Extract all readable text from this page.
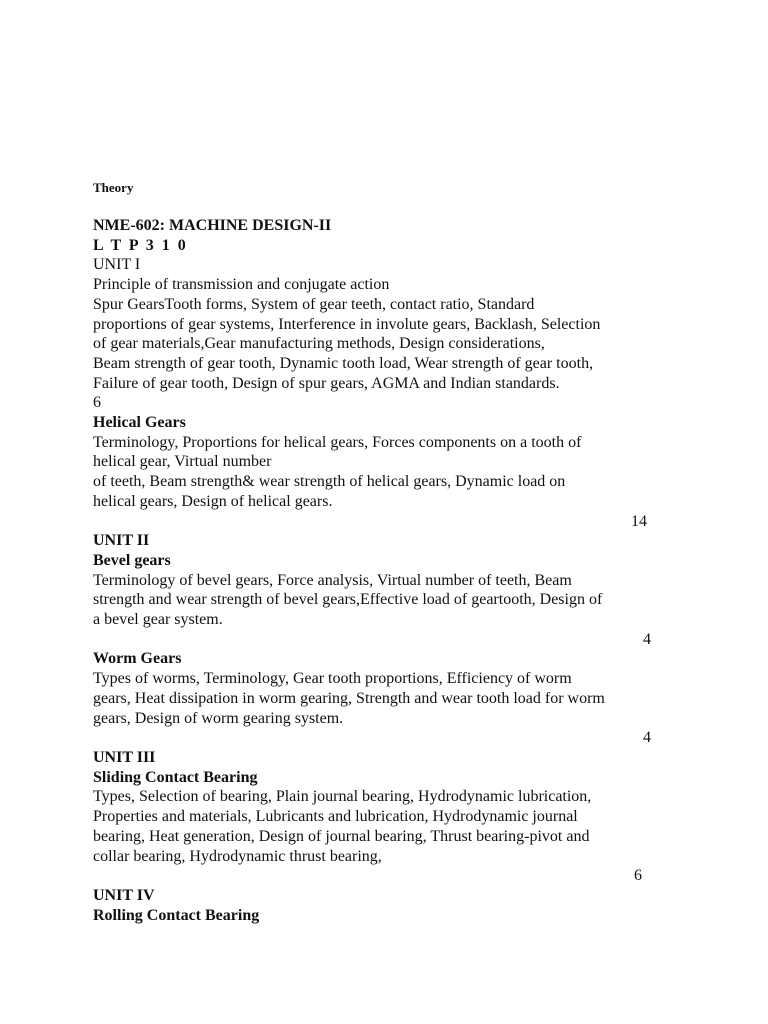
Theory
NME-602: MACHINE DESIGN-II
L T P 3 1 0
UNIT I
Principle of transmission and conjugate action
Spur GearsTooth forms, System of gear teeth, contact ratio, Standard
proportions of gear systems, Interference in involute gears, Backlash, Selection
of gear materials,Gear manufacturing methods, Design considerations,
Beam strength of gear tooth, Dynamic tooth load, Wear strength of gear tooth,
Failure of gear tooth, Design of spur gears, AGMA and Indian standards.
6
Helical Gears
Terminology, Proportions for helical gears, Forces components on a tooth of
helical gear, Virtual number
of teeth, Beam strength& wear strength of helical gears, Dynamic load on
helical gears, Design of helical gears.
14
UNIT II
Bevel gears
Terminology of bevel gears, Force analysis, Virtual number of teeth, Beam
strength and wear strength of bevel gears,Effective load of geartooth, Design of
a bevel gear system.
4
Worm Gears
Types of worms, Terminology, Gear tooth proportions, Efficiency of worm
gears, Heat dissipation in worm gearing, Strength and wear tooth load for worm
gears, Design of worm gearing system.
4
UNIT III
Sliding Contact Bearing
Types, Selection of bearing, Plain journal bearing, Hydrodynamic lubrication,
Properties and materials, Lubricants and lubrication, Hydrodynamic journal
bearing, Heat generation, Design of journal bearing, Thrust bearing-pivot and
collar bearing, Hydrodynamic thrust bearing,
6
UNIT IV
Rolling Contact Bearing
